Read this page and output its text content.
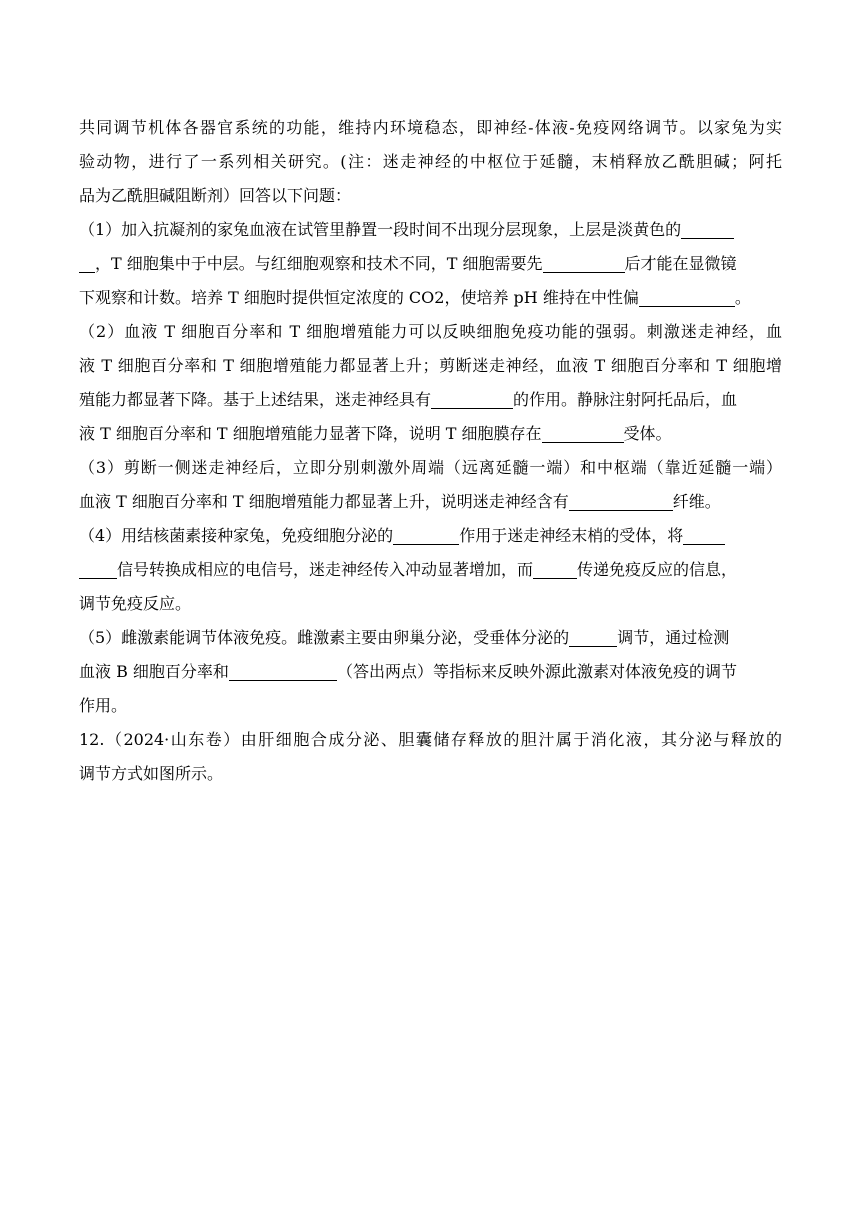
共同调节机体各器官系统的功能，维持内环境稳态，即神经-体液-免疫网络调节。以家兔为实
验动物，进行了一系列相关研究。(注：迷走神经的中枢位于延髓，末梢释放乙酰胆碱；阿托
品为乙酰胆碱阻断剂）回答以下问题：
（1）加入抗凝剂的家兔血液在试管里静置一段时间不出现分层现象，上层是淡黄色的
，T 细胞集中于中层。与红细胞观察和技术不同，T 细胞需要先	后才能在显微镜
下观察和计数。培养 T 细胞时提供恒定浓度的 CO2，使培养 pH 维持在中性偏	。
（2）血液 T 细胞百分率和 T 细胞增殖能力可以反映细胞免疫功能的强弱。刺激迷走神经，血
液 T 细胞百分率和 T 细胞增殖能力都显著上升；剪断迷走神经，血液 T 细胞百分率和 T 细胞增
殖能力都显著下降。基于上述结果，迷走神经具有	的作用。静脉注射阿托品后，血
液 T 细胞百分率和 T 细胞增殖能力显著下降，说明 T 细胞膜存在	受体。
（3）剪断一侧迷走神经后，立即分别刺激外周端（远离延髓一端）和中枢端（靠近延髓一端）
血液 T 细胞百分率和 T 细胞增殖能力都显著上升，说明迷走神经含有	纤维。
（4）用结核菌素接种家兔，免疫细胞分泌的	作用于迷走神经末梢的受体，将
信号转换成相应的电信号，迷走神经传入冲动显著增加，而	传递免疫反应的信息，
调节免疫反应。
（5）雌激素能调节体液免疫。雌激素主要由卵巢分泌，受垂体分泌的	调节，通过检测
血液 B 细胞百分率和	（答出两点）等指标来反映外源此激素对体液免疫的调节
作用。
12.（2024·山东卷）由肝细胞合成分泌、胆囊储存释放的胆汁属于消化液，其分泌与释放的
调节方式如图所示。
